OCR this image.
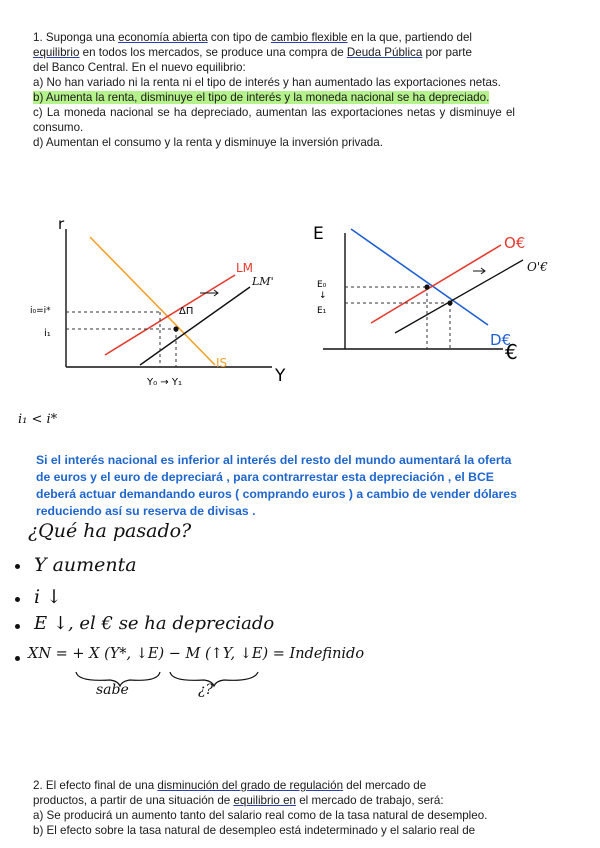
1. Suponga una economía abierta con tipo de cambio flexible en la que, partiendo del

equilibrio en todos los mercados, se produce una compra de Deuda Pública por parte

del Banco Central. En el nuevo equilibrio:

a) No han variado ni la renta ni el tipo de interés y han aumentado las exportaciones netas.

b) Aumenta la renta, disminuye el tipo de interés y la moneda nacional se ha depreciado.

c) La moneda nacional se ha depreciado, aumentan las exportaciones netas y disminuye el consumo.

d) Aumentan el consumo y la renta y disminuye la inversión privada.

r
Y
IS
LM
LM'
i₀=i*
i₁
ΔΠ
Y₀ → Y₁
E
€
D€
O€
O'€
E₀
↓
E₁
i₁ < i*
Si el interés nacional es inferior al interés del resto del mundo aumentará la oferta de euros y el euro de depreciará , para contrarrestar esta depreciación , el BCE deberá actuar demandando euros ( comprando euros ) a cambio de vender dólares reduciendo así su reserva de divisas .
¿Qué ha pasado?
Y aumenta
i ↓
E ↓, el € se ha depreciado
XN = + X (Y*, ↓E) − M (↑Y, ↓E) = Indefinido
sabe	¿?

2. El efecto final de una disminución del grado de regulación del mercado de

productos, a partir de una situación de equilibrio en el mercado de trabajo, será:

a) Se producirá un aumento tanto del salario real como de la tasa natural de desempleo.

b) El efecto sobre la tasa natural de desempleo está indeterminado y el salario real de
